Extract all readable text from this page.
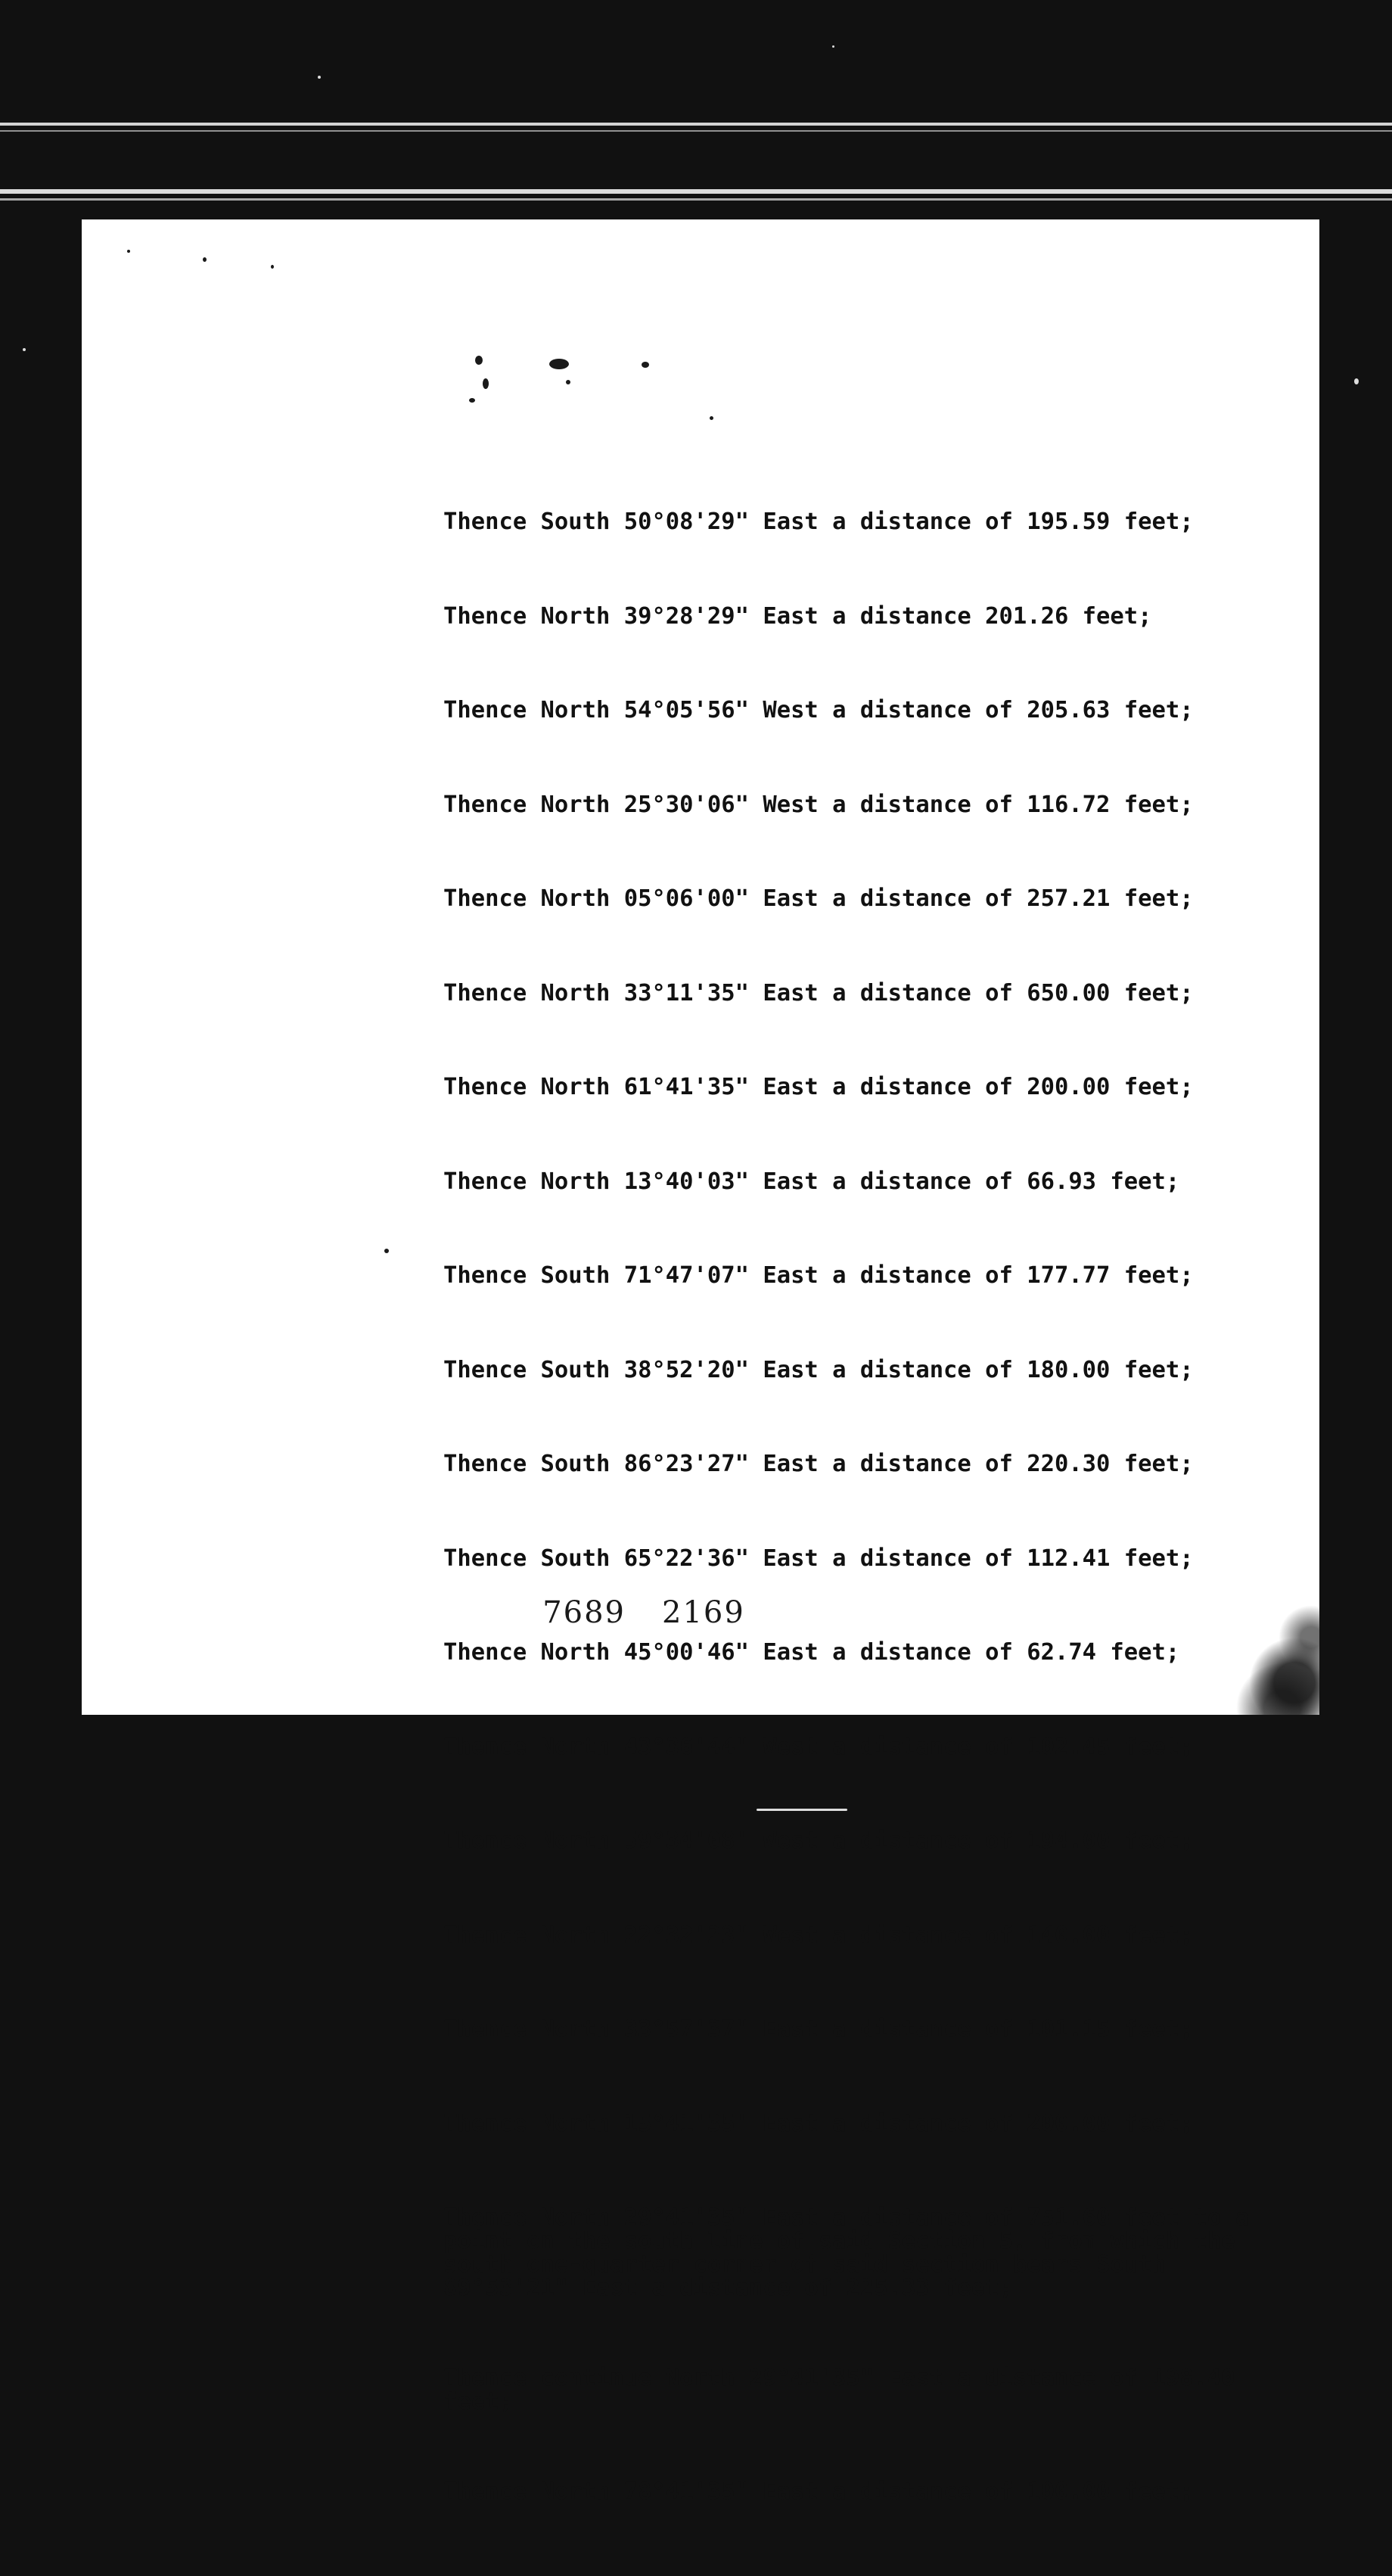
Thence South 50°08'29" East a distance of 195.59 feet;

Thence North 39°28'29" East a distance 201.26 feet;

Thence North 54°05'56" West a distance of 205.63 feet;

Thence North 25°30'06" West a distance of 116.72 feet;

Thence North 05°06'00" East a distance of 257.21 feet;

Thence North 33°11'35" East a distance of 650.00 feet;

Thence North 61°41'35" East a distance of 200.00 feet;

Thence North 13°40'03" East a distance of 66.93 feet;

Thence South 71°47'07" East a distance of 177.77 feet;

Thence South 38°52'20" East a distance of 180.00 feet;

Thence South 86°23'27" East a distance of 220.30 feet;

Thence South 65°22'36" East a distance of 112.41 feet;

Thence North 45°00'46" East a distance of 62.74 feet;

Thence North 43°36'44" West a distance of 102.45 feet;

Thence North 59°34'08" West a distance of 194.00 feet;

Thence North 22°32'23" West a distance of 140.00 feet;

Thence North 33°57'37" East a distance of 101.15 feet;

Thence North 15°41'35" East a distance of 200.00 feet;

Thence North 29°41'35" East a distance of 751.60 feet to a
point on the south line of said Section 5, from which the
south one-quarter corner of said section bears South
89°53'21" East a distance of 225.33 feet;

Thence continue North 29°41'35" East a distance of 198.40
feet;

Thence North 78°41'35" East a distance of 100.00 feet;

7689 2169
